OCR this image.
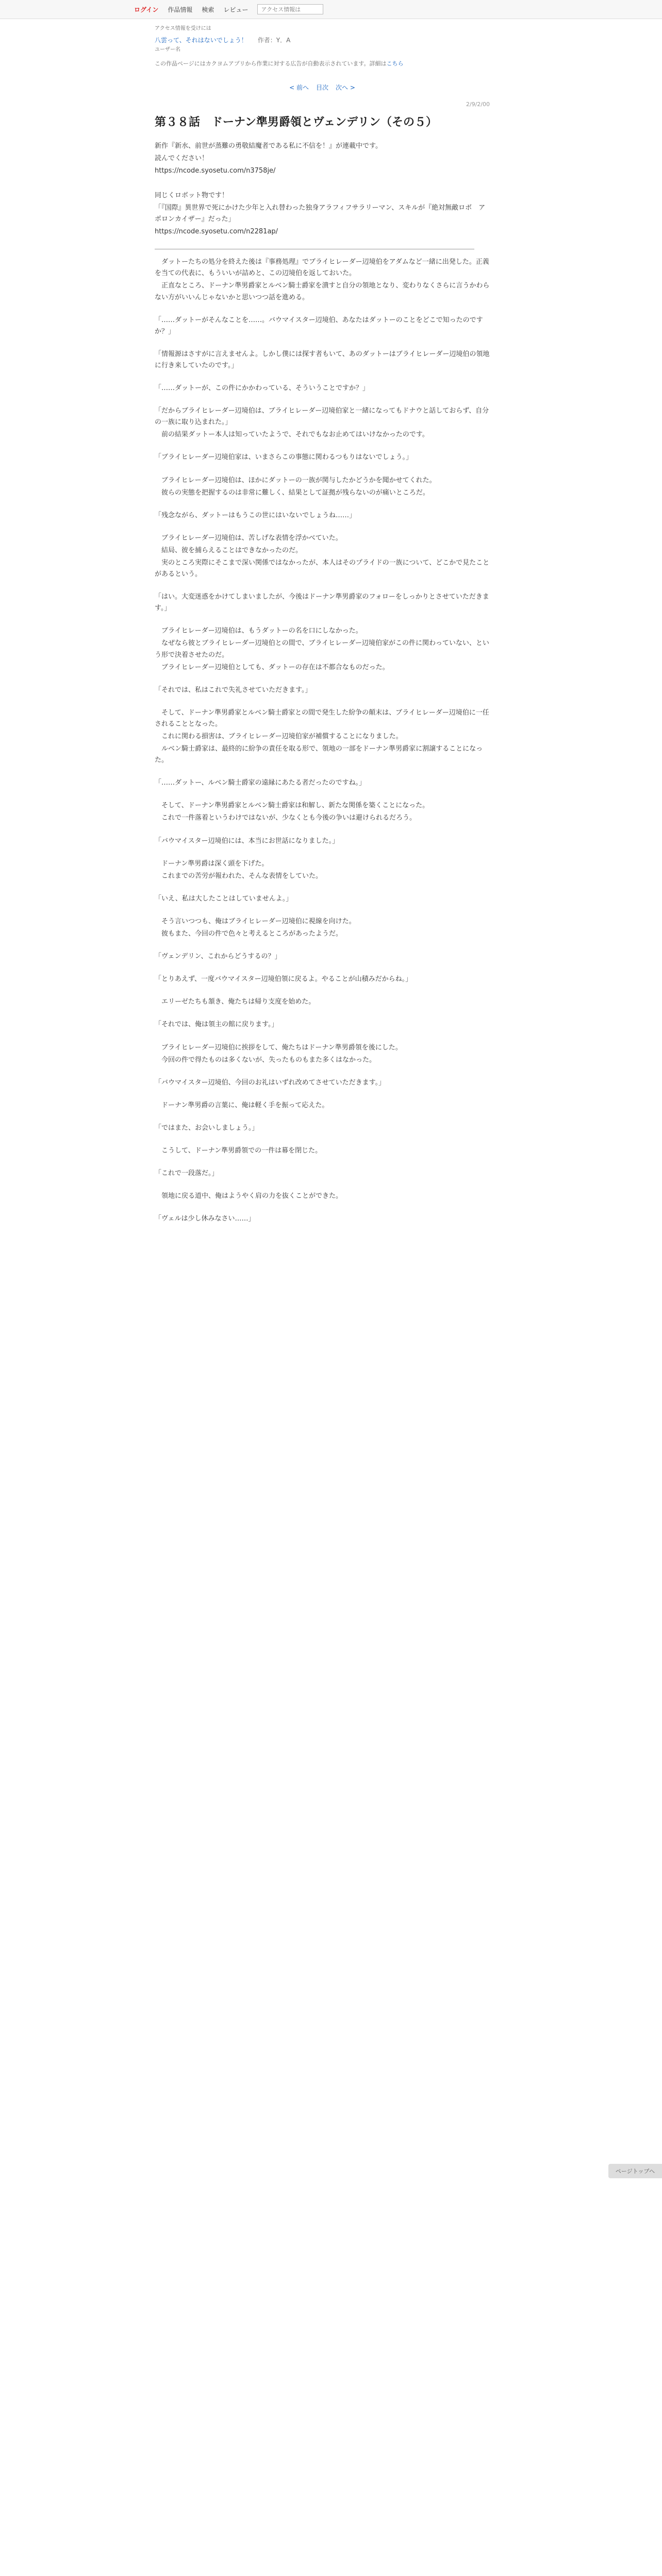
ログイン 作品情報 検索 レビュー	アクセス情報は
アクセス情報を受けには
八雲って、それはないでしょう！ 作者：Y．A
ユーザー名
この作品ページにはカクヨムアプリから作業に対する広告が自動表示されています。詳細はこちら
< 前へ 目次 次へ >
2/9/2/00
第３８話　ドーナン準男爵領とヴェンデリン（その５）

新作『新水、前世が蒸難の勇敬結魔者である私に不信を！』が連載中です。

読んでください！

https://ncode.syosetu.com/n3758je/

同じくロボット物です！

「『国際』異世界で死にかけた少年と入れ替わった独身アラフィフサラリーマン、スキルが『絶対無敵ロボ　アポロンカイザー』だった」

https://ncode.syosetu.com/n2281ap/

ダットーたちの処分を終えた後は『事務処理』でブライヒレーダー辺境伯をアダムなど一緒に出発した。正義を当ての代表に、もういいが詰めと、この辺境伯を返しておいた。

正直なところ、ドーナン準男爵家とルベン騎士爵家を潰すと自分の領地となり、変わりなくさらに言うかわらない方がいいんじゃないかと思いつつ話を進める。

「……ダットーがそんなことを……。バウマイスター辺境伯、あなたはダットーのことをどこで知ったのですか？」

「情報源はさすがに言えませんよ。しかし僕には探す者もいて、あのダットーはブライヒレーダー辺境伯の領地に行き来していたのです。」

「……ダットーが、この件にかかわっている、そういうことですか？」

「だからブライヒレーダー辺境伯は、ブライヒレーダー辺境伯家と一緒になってもドナウと話しておらず、自分の一族に取り込まれた。」

前の結果ダットー本人は知っていたようで、それでもなお止めてはいけなかったのです。

「ブライヒレーダー辺境伯家は、いまさらこの事態に関わるつもりはないでしょう。」

ブライヒレーダー辺境伯は、ほかにダットーの一族が関与したかどうかを聞かせてくれた。

彼らの実態を把握するのは非常に難しく、結果として証拠が残らないのが痛いところだ。

「残念ながら、ダットーはもうこの世にはいないでしょうね……」

ブライヒレーダー辺境伯は、苦しげな表情を浮かべていた。

結局、彼を捕らえることはできなかったのだ。

実のところ実際にそこまで深い関係ではなかったが、本人はそのプライドの一族について、どこかで見たことがあるという。

「はい。大変迷惑をかけてしまいましたが、今後はドーナン準男爵家のフォローをしっかりとさせていただきます。」

ブライヒレーダー辺境伯は、もうダットーの名を口にしなかった。

なぜなら彼とブライヒレーダー辺境伯との間で、ブライヒレーダー辺境伯家がこの件に関わっていない、という形で決着させたのだ。

ブライヒレーダー辺境伯としても、ダットーの存在は不都合なものだった。

「それでは、私はこれで失礼させていただきます。」

そして、ドーナン準男爵家とルベン騎士爵家との間で発生した紛争の顛末は、ブライヒレーダー辺境伯に一任されることとなった。

これに関わる損害は、ブライヒレーダー辺境伯家が補償することになりました。

ルベン騎士爵家は、最終的に紛争の責任を取る形で、領地の一部をドーナン準男爵家に割譲することになった。

「……ダットー、ルベン騎士爵家の遠縁にあたる者だったのですね。」

そして、ドーナン準男爵家とルベン騎士爵家は和解し、新たな関係を築くことになった。

これで一件落着というわけではないが、少なくとも今後の争いは避けられるだろう。

「バウマイスター辺境伯には、本当にお世話になりました。」

ドーナン準男爵は深く頭を下げた。

これまでの苦労が報われた、そんな表情をしていた。

「いえ、私は大したことはしていませんよ。」

そう言いつつも、俺はブライヒレーダー辺境伯に視線を向けた。

彼もまた、今回の件で色々と考えるところがあったようだ。

「ヴェンデリン、これからどうするの？」

「とりあえず、一度バウマイスター辺境伯領に戻るよ。やることが山積みだからね。」

エリーゼたちも頷き、俺たちは帰り支度を始めた。

「それでは、俺は領主の館に戻ります。」

ブライヒレーダー辺境伯に挨拶をして、俺たちはドーナン準男爵領を後にした。

今回の件で得たものは多くないが、失ったものもまた多くはなかった。

「バウマイスター辺境伯、今回のお礼はいずれ改めてさせていただきます。」

ドーナン準男爵の言葉に、俺は軽く手を振って応えた。

「ではまた、お会いしましょう。」

こうして、ドーナン準男爵領での一件は幕を閉じた。

「これで一段落だ。」

領地に戻る道中、俺はようやく肩の力を抜くことができた。

「ヴェルは少し休みなさい……」

ページトップへ
